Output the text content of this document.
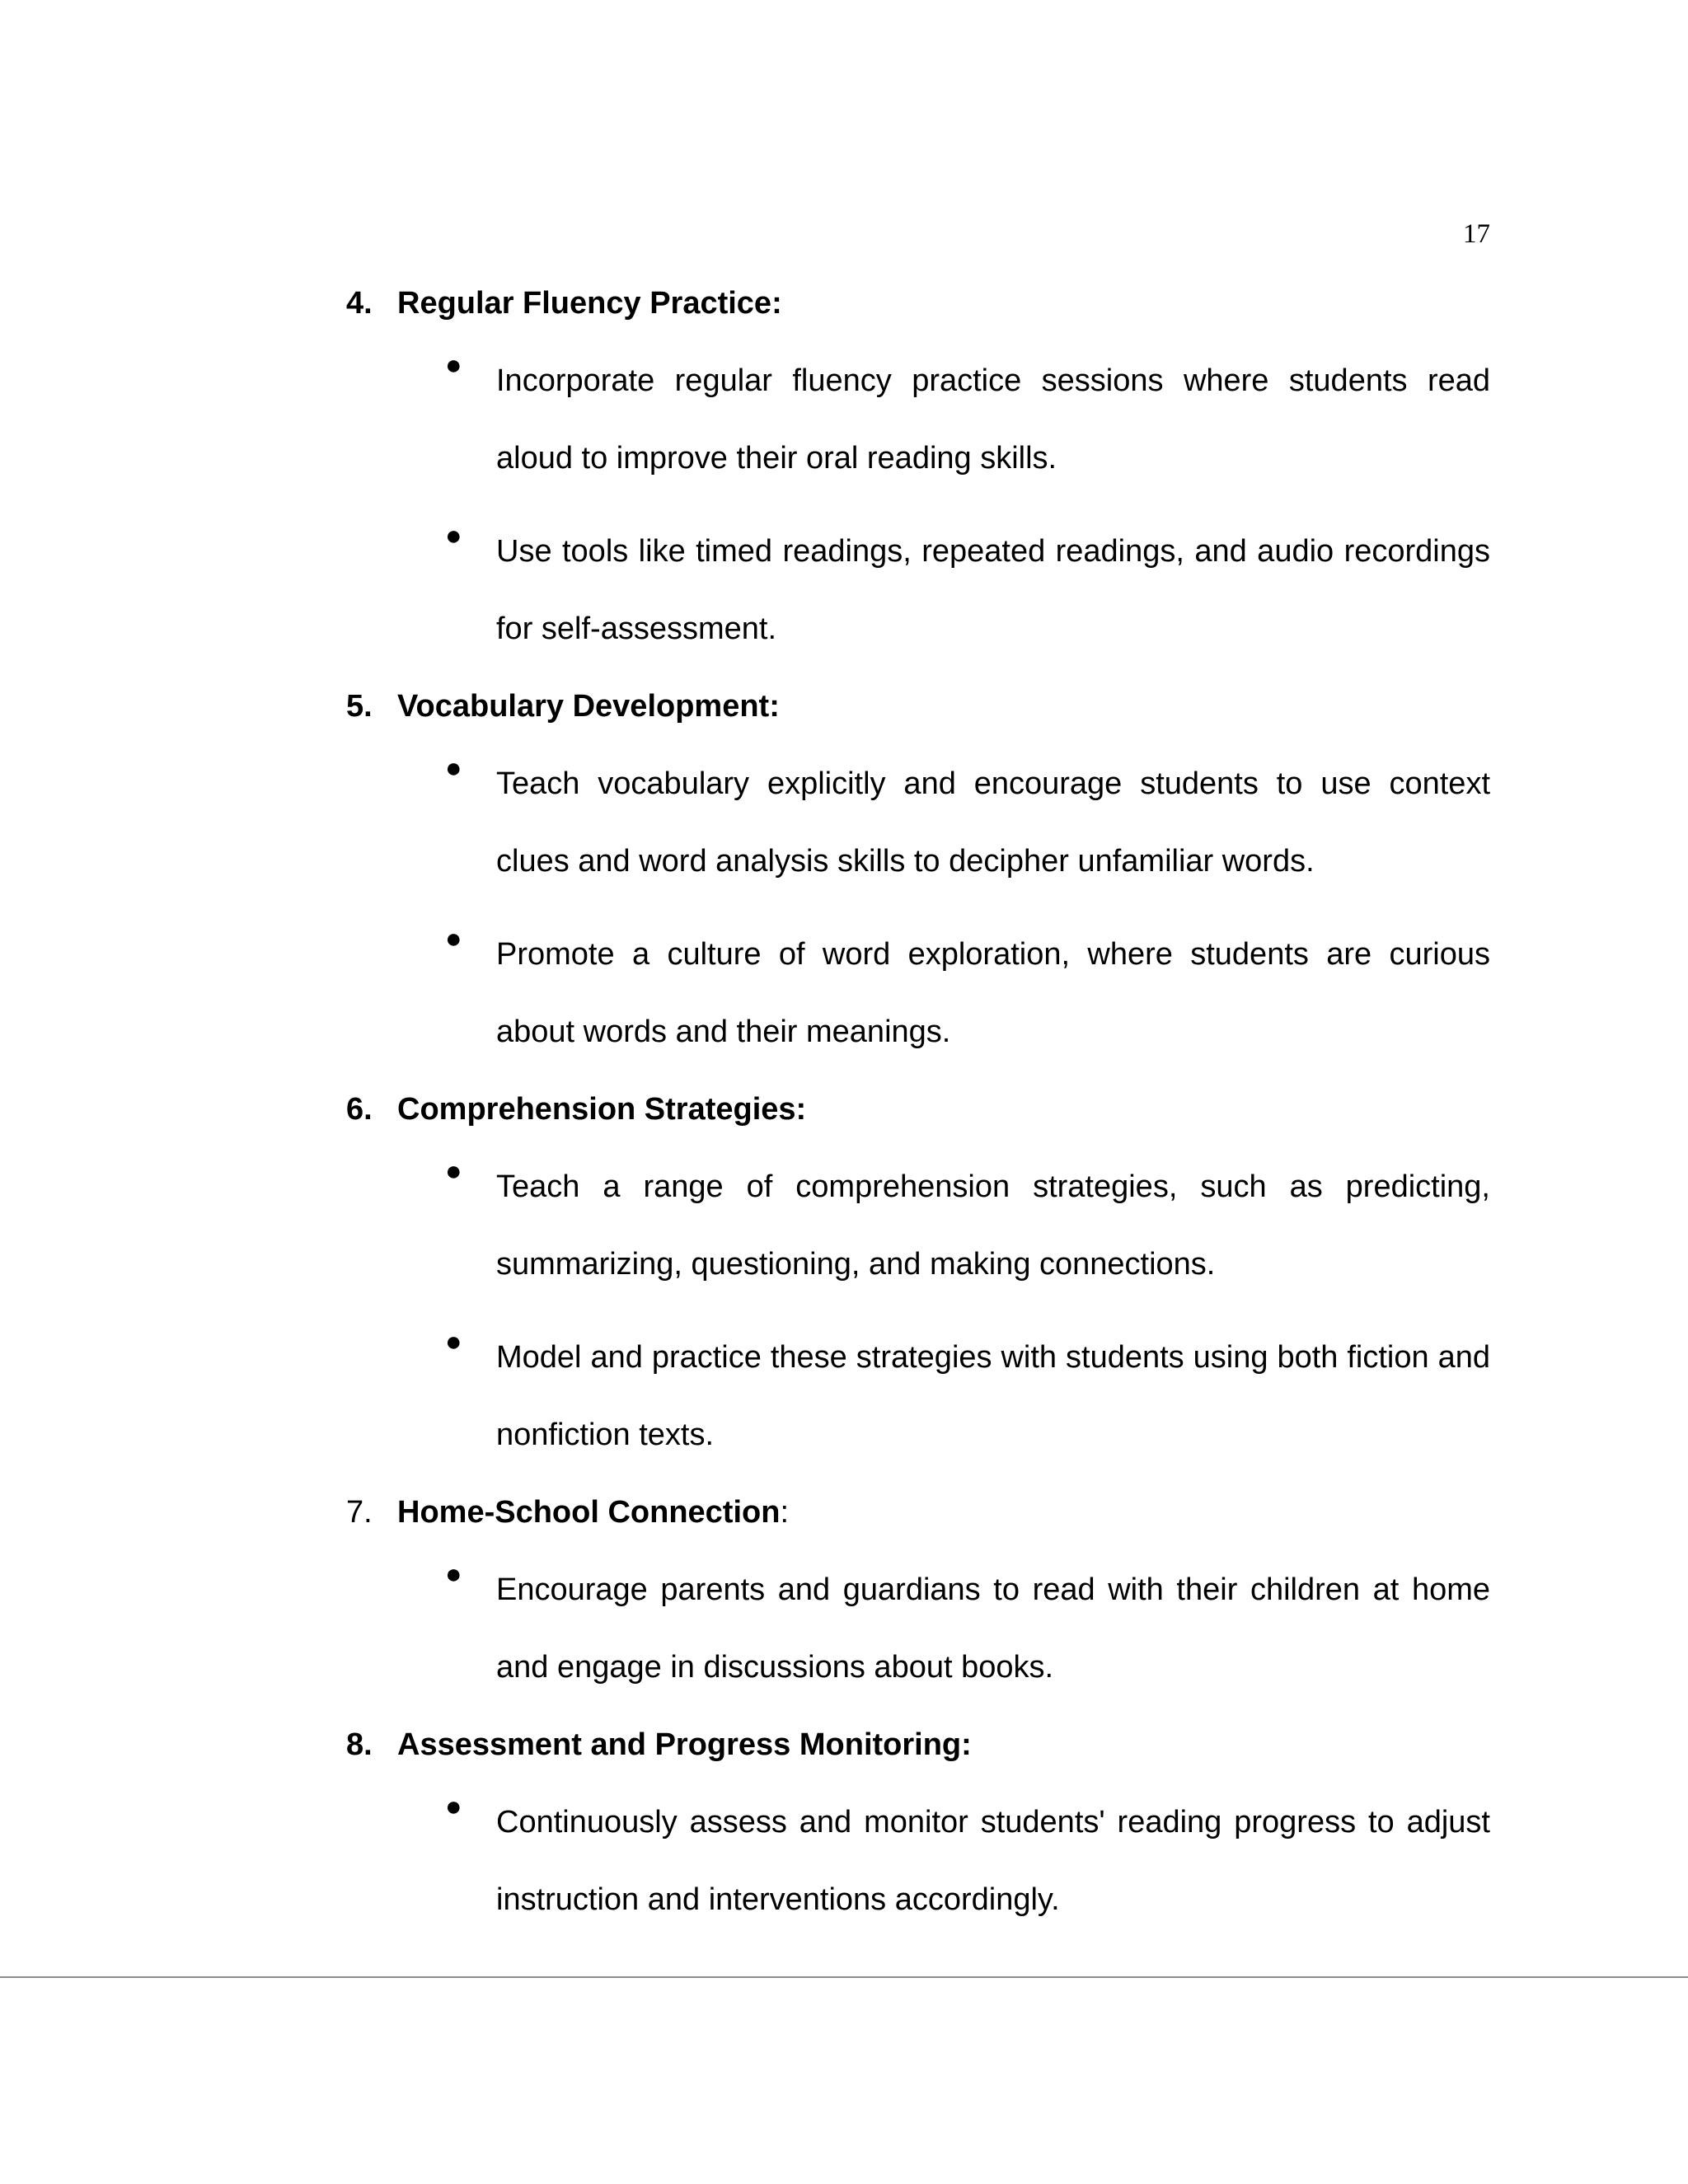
17
4. Regular Fluency Practice:
● Incorporate regular fluency practice sessions where students read aloud to improve their oral reading skills.
● Use tools like timed readings, repeated readings, and audio recordings for self-assessment.
5. Vocabulary Development:
● Teach vocabulary explicitly and encourage students to use context clues and word analysis skills to decipher unfamiliar words.
● Promote a culture of word exploration, where students are curious about words and their meanings.
6. Comprehension Strategies:
● Teach a range of comprehension strategies, such as predicting, summarizing, questioning, and making connections.
● Model and practice these strategies with students using both fiction and nonfiction texts.
7. Home-School Connection:
● Encourage parents and guardians to read with their children at home and engage in discussions about books.
8. Assessment and Progress Monitoring:
● Continuously assess and monitor students' reading progress to adjust instruction and interventions accordingly.
